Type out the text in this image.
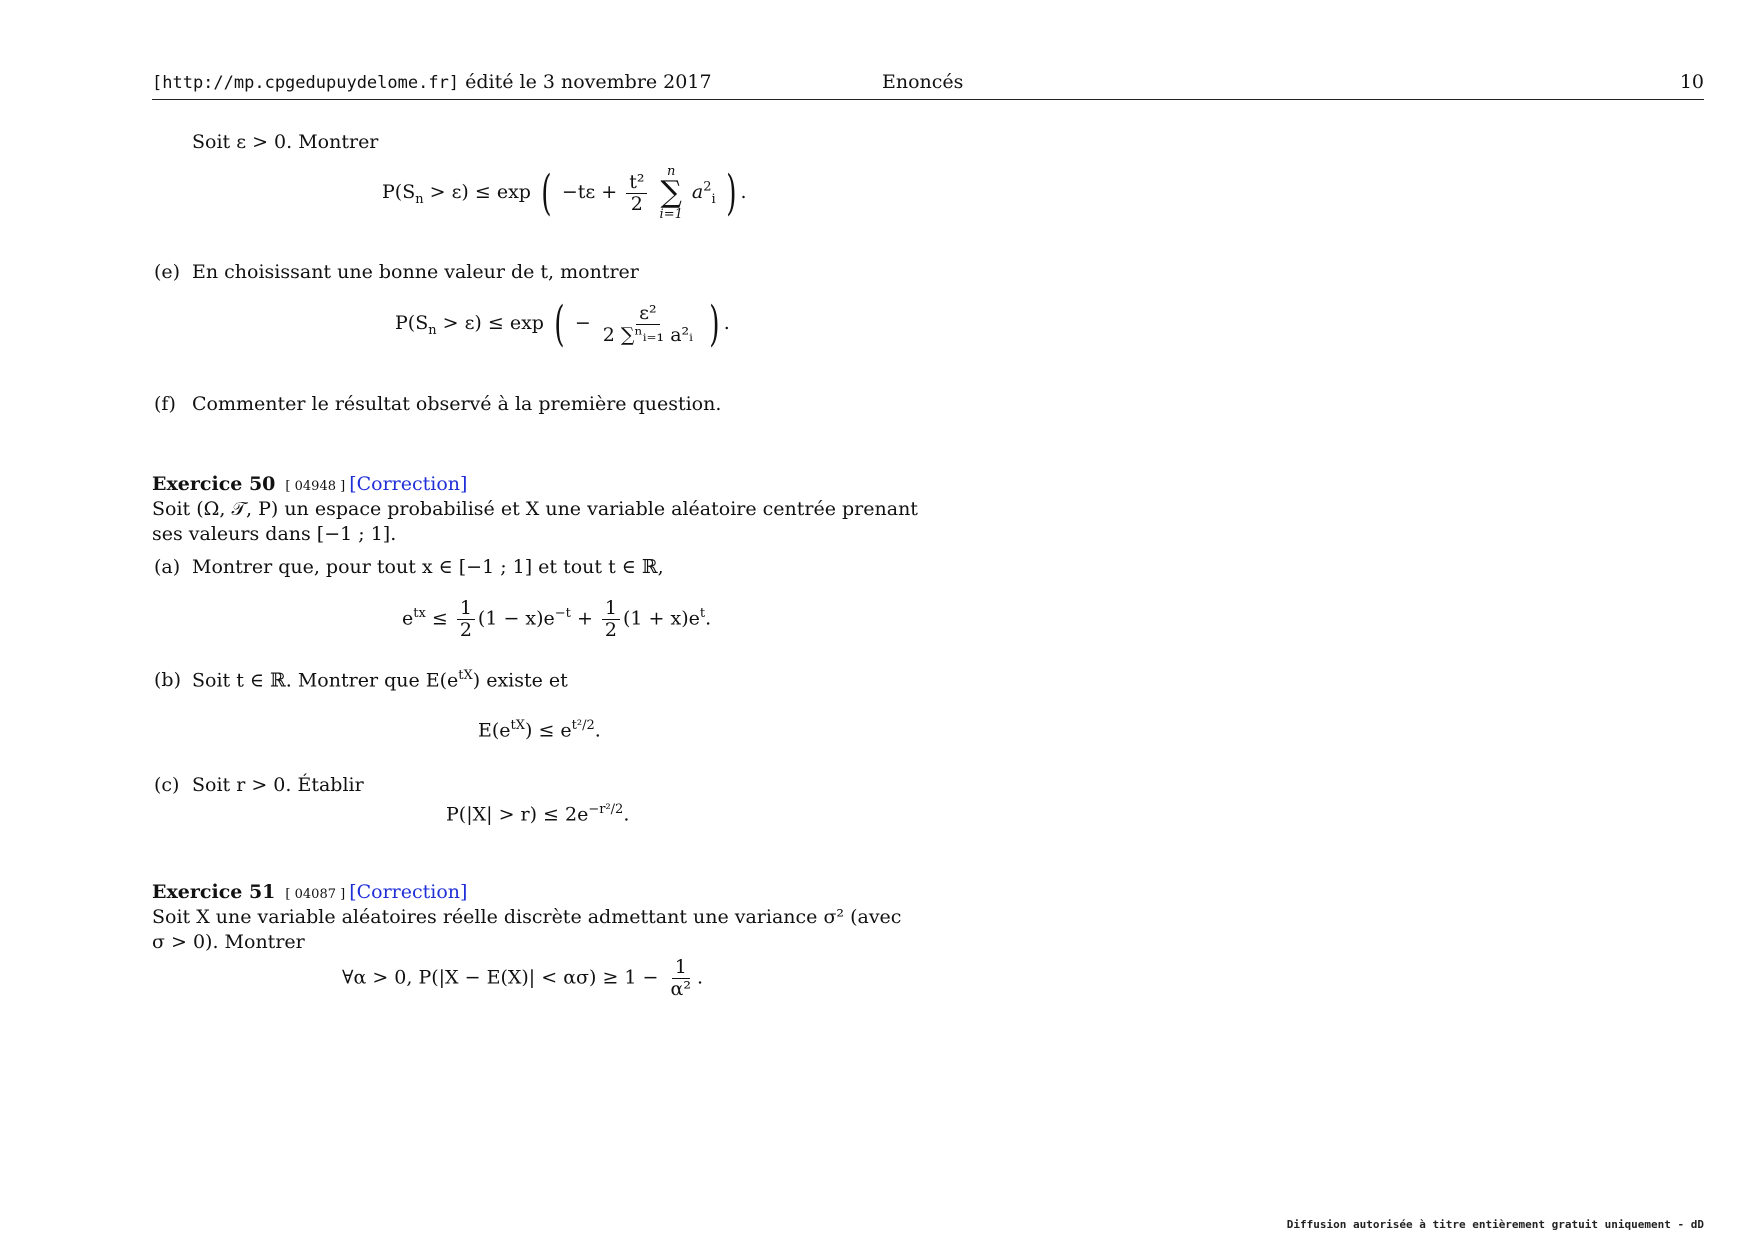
[http://mp.cpgedupuydelome.fr] édité le 3 novembre 2017	Enoncés	10
Soit ε > 0. Montrer
$P(S_n > \varepsilon) \le \exp$ ( $-t\varepsilon + \frac{\text{t²}}{2}$

n
∑
i=1
$a^2_i$ ) .
(e) En choisissant une bonne valeur de t, montrer
$P(S_n > \varepsilon) \le \exp$ ( − $\frac{\text{ε²}}{\text{2 ∑ⁿᵢ₌₁ a²ᵢ}}$ ) .
(f) Commenter le résultat observé à la première question.
Exercice 50 [ 04948 ] [Correction]
Soit (Ω, 𝒯, P) un espace probabilisé et X une variable aléatoire centrée prenant
ses valeurs dans [−1 ; 1].
(a) Montrer que, pour tout x ∈ [−1 ; 1] et tout t ∈ ℝ,
$e^{tx} \le \frac{1}{2} (1 - x)e^{-t} + \frac{1}{2} (1 + x)e^t$.
(b) Soit t ∈ ℝ. Montrer que $E(e^{tX})$ existe et
$E(e^{tX}) \le e^{t^2/2}$.
(c) Soit r > 0. Établir
$P(|X| > r) \le 2e^{-r^2/2}$.
Exercice 51 [ 04087 ] [Correction]
Soit X une variable aléatoires réelle discrète admettant une variance σ² (avec
σ > 0). Montrer
∀α > 0, $P(|X - E(X)| < \alpha\sigma) \ge 1 - \frac{1}{\text{α²}}$ .
Diffusion autorisée à titre entièrement gratuit uniquement - dD
